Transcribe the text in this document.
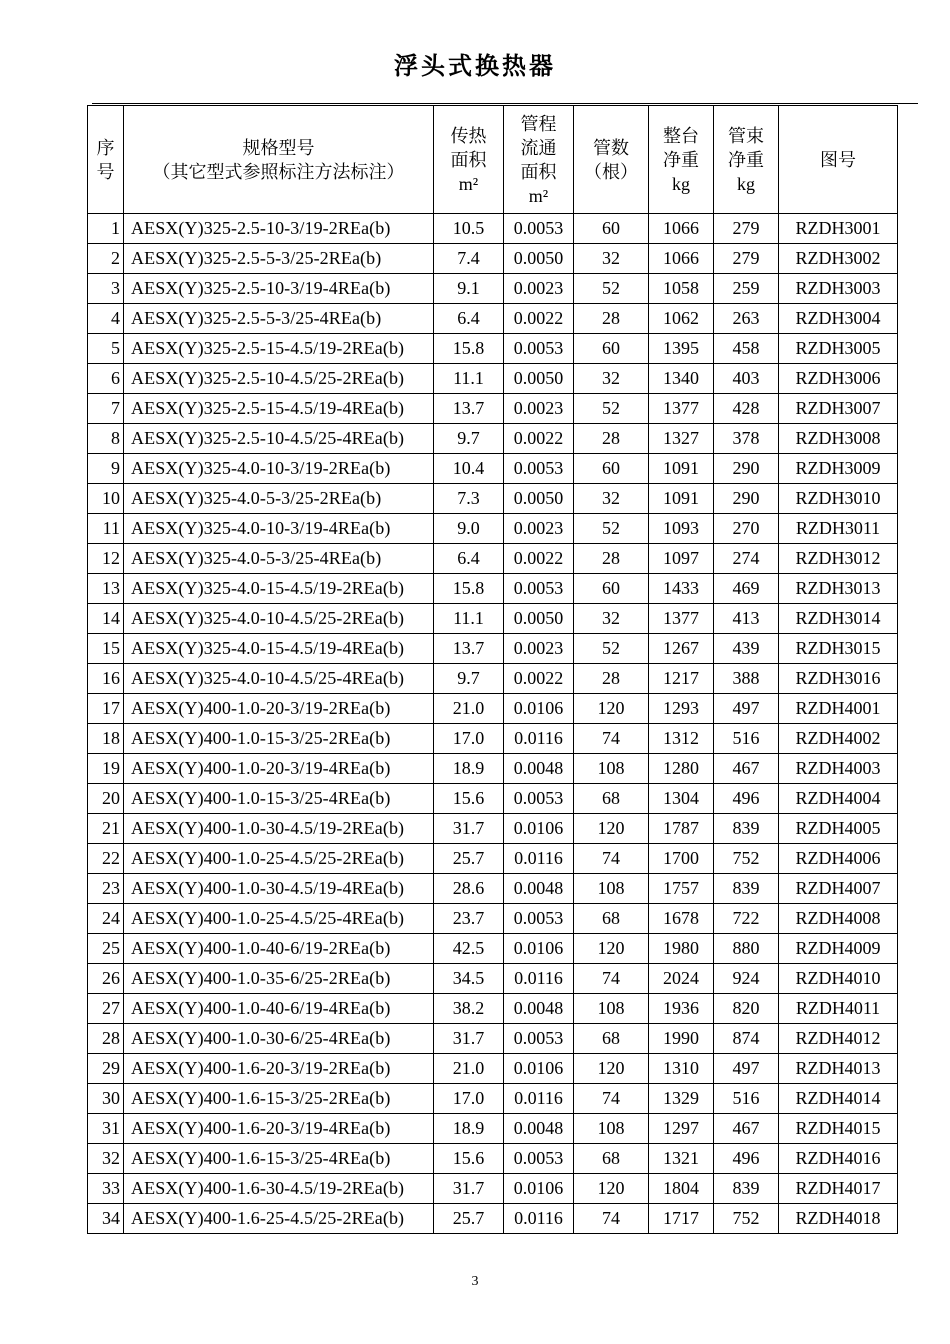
浮头式换热器
序
号	规格型号
（其它型式参照标注方法标注）	传热
面积
m²	管程
流通
面积
m²	管数
（根）	整台
净重
kg	管束
净重
kg	图号

1	AESX(Y)325-2.5-10-3/19-2REa(b)	10.5	0.0053	60	1066	279	RZDH3001
2	AESX(Y)325-2.5-5-3/25-2REa(b)	7.4	0.0050	32	1066	279	RZDH3002
3	AESX(Y)325-2.5-10-3/19-4REa(b)	9.1	0.0023	52	1058	259	RZDH3003
4	AESX(Y)325-2.5-5-3/25-4REa(b)	6.4	0.0022	28	1062	263	RZDH3004
5	AESX(Y)325-2.5-15-4.5/19-2REa(b)	15.8	0.0053	60	1395	458	RZDH3005
6	AESX(Y)325-2.5-10-4.5/25-2REa(b)	11.1	0.0050	32	1340	403	RZDH3006
7	AESX(Y)325-2.5-15-4.5/19-4REa(b)	13.7	0.0023	52	1377	428	RZDH3007
8	AESX(Y)325-2.5-10-4.5/25-4REa(b)	9.7	0.0022	28	1327	378	RZDH3008
9	AESX(Y)325-4.0-10-3/19-2REa(b)	10.4	0.0053	60	1091	290	RZDH3009
10	AESX(Y)325-4.0-5-3/25-2REa(b)	7.3	0.0050	32	1091	290	RZDH3010
11	AESX(Y)325-4.0-10-3/19-4REa(b)	9.0	0.0023	52	1093	270	RZDH3011
12	AESX(Y)325-4.0-5-3/25-4REa(b)	6.4	0.0022	28	1097	274	RZDH3012
13	AESX(Y)325-4.0-15-4.5/19-2REa(b)	15.8	0.0053	60	1433	469	RZDH3013
14	AESX(Y)325-4.0-10-4.5/25-2REa(b)	11.1	0.0050	32	1377	413	RZDH3014
15	AESX(Y)325-4.0-15-4.5/19-4REa(b)	13.7	0.0023	52	1267	439	RZDH3015
16	AESX(Y)325-4.0-10-4.5/25-4REa(b)	9.7	0.0022	28	1217	388	RZDH3016
17	AESX(Y)400-1.0-20-3/19-2REa(b)	21.0	0.0106	120	1293	497	RZDH4001
18	AESX(Y)400-1.0-15-3/25-2REa(b)	17.0	0.0116	74	1312	516	RZDH4002
19	AESX(Y)400-1.0-20-3/19-4REa(b)	18.9	0.0048	108	1280	467	RZDH4003
20	AESX(Y)400-1.0-15-3/25-4REa(b)	15.6	0.0053	68	1304	496	RZDH4004
21	AESX(Y)400-1.0-30-4.5/19-2REa(b)	31.7	0.0106	120	1787	839	RZDH4005
22	AESX(Y)400-1.0-25-4.5/25-2REa(b)	25.7	0.0116	74	1700	752	RZDH4006
23	AESX(Y)400-1.0-30-4.5/19-4REa(b)	28.6	0.0048	108	1757	839	RZDH4007
24	AESX(Y)400-1.0-25-4.5/25-4REa(b)	23.7	0.0053	68	1678	722	RZDH4008
25	AESX(Y)400-1.0-40-6/19-2REa(b)	42.5	0.0106	120	1980	880	RZDH4009
26	AESX(Y)400-1.0-35-6/25-2REa(b)	34.5	0.0116	74	2024	924	RZDH4010
27	AESX(Y)400-1.0-40-6/19-4REa(b)	38.2	0.0048	108	1936	820	RZDH4011
28	AESX(Y)400-1.0-30-6/25-4REa(b)	31.7	0.0053	68	1990	874	RZDH4012
29	AESX(Y)400-1.6-20-3/19-2REa(b)	21.0	0.0106	120	1310	497	RZDH4013
30	AESX(Y)400-1.6-15-3/25-2REa(b)	17.0	0.0116	74	1329	516	RZDH4014
31	AESX(Y)400-1.6-20-3/19-4REa(b)	18.9	0.0048	108	1297	467	RZDH4015
32	AESX(Y)400-1.6-15-3/25-4REa(b)	15.6	0.0053	68	1321	496	RZDH4016
33	AESX(Y)400-1.6-30-4.5/19-2REa(b)	31.7	0.0106	120	1804	839	RZDH4017
34	AESX(Y)400-1.6-25-4.5/25-2REa(b)	25.7	0.0116	74	1717	752	RZDH4018
3
